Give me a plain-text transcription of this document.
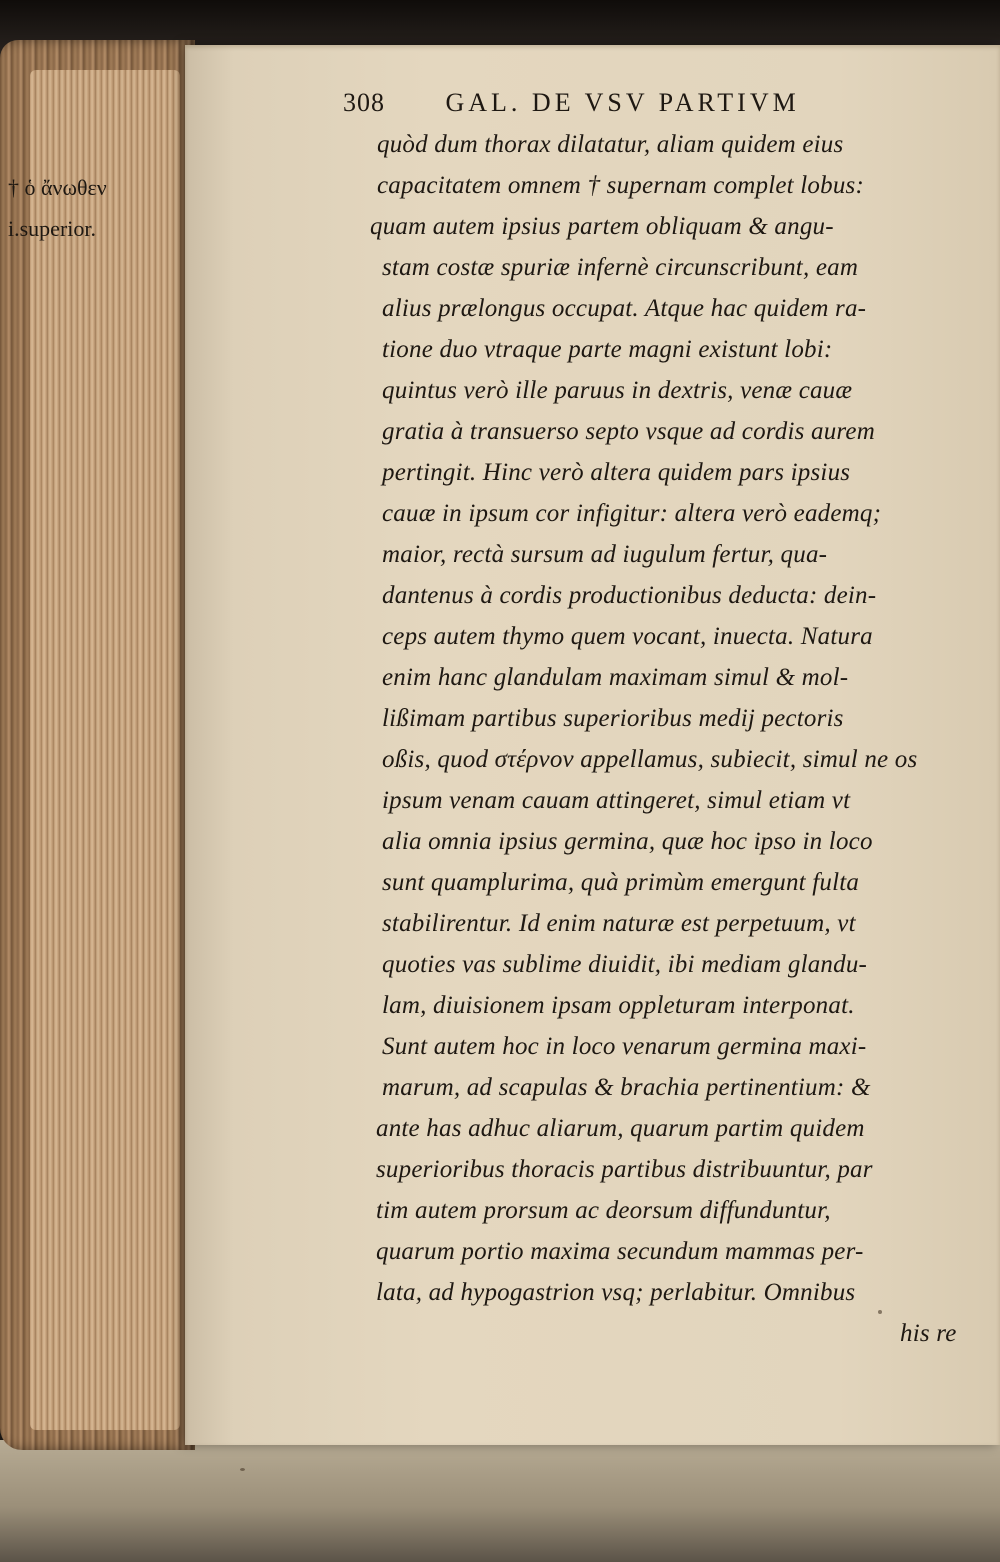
308 GAL. DE VSV PARTIVM
† ὁ ἄνωθεν
i.superior.
quòd dum thorax dilatatur, aliam quidem eius
capacitatem omnem † supernam complet lobus:
quam autem ipsius partem obliquam & angu-
stam costæ spuriæ infernè circunscribunt, eam
alius prælongus occupat. Atque hac quidem ra-
tione duo vtraque parte magni existunt lobi:
quintus verò ille paruus in dextris, venæ cauæ
gratia à transuerso septo vsque ad cordis aurem
pertingit. Hinc verò altera quidem pars ipsius
cauæ in ipsum cor infigitur: altera verò eademq;
maior, rectà sursum ad iugulum fertur, qua-
dantenus à cordis productionibus deducta: dein-
ceps autem thymo quem vocant, inuecta. Natura
enim hanc glandulam maximam simul & mol-
lißimam partibus superioribus medij pectoris
oßis, quod στέρνον appellamus, subiecit, simul ne os
ipsum venam cauam attingeret, simul etiam vt
alia omnia ipsius germina, quæ hoc ipso in loco
sunt quamplurima, quà primùm emergunt fulta
stabilirentur. Id enim naturæ est perpetuum, vt
quoties vas sublime diuidit, ibi mediam glandu-
lam, diuisionem ipsam oppleturam interponat.
Sunt autem hoc in loco venarum germina maxi-
marum, ad scapulas & brachia pertinentium: &
ante has adhuc aliarum, quarum partim quidem
superioribus thoracis partibus distribuuntur, par
tim autem prorsum ac deorsum diffunduntur,
quarum portio maxima secundum mammas per-
lata, ad hypogastrion vsq; perlabitur. Omnibus
his re
